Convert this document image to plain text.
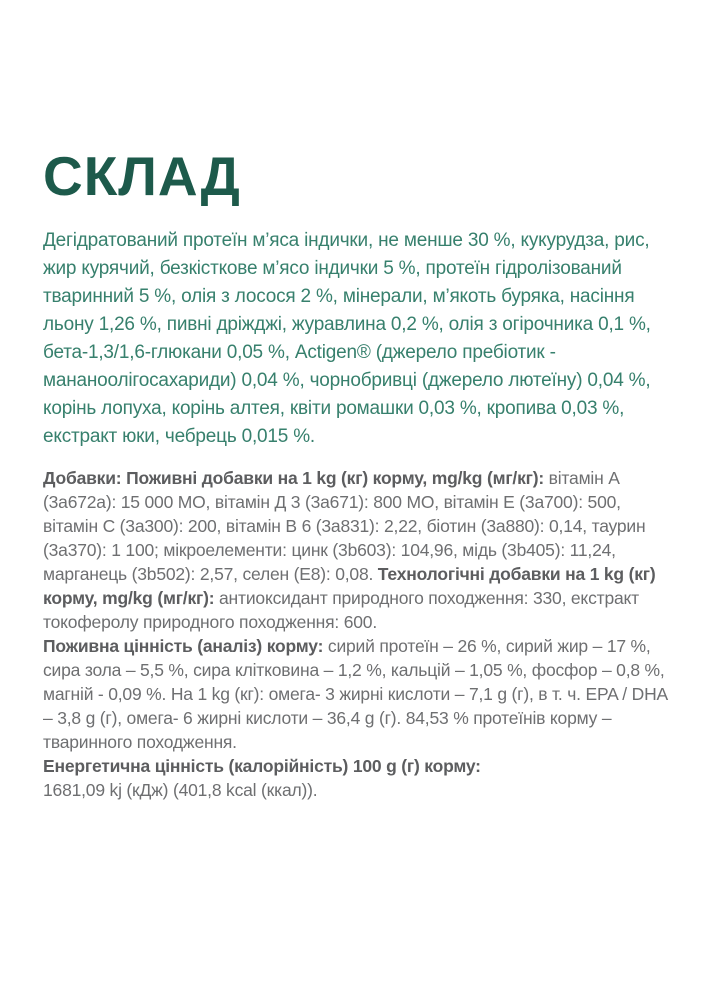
СКЛАД

Дегідратований протеїн м’яса індички, не менше 30 %, кукурудза, рис, жир курячий, безкісткове м’ясо індички 5 %, протеїн гідролізований тваринний 5 %, олія з лосося 2 %, мінерали, м’якоть буряка, насіння льону 1,26 %, пивні дріжджі, журавлина 0,2 %, олія з огірочника 0,1 %, бета-1,3/1,6-глюкани 0,05 %, Actigen® (джерело пребіотик - мананоолігосахариди) 0,04 %, чорнобривці (джерело лютеїну) 0,04 %, корінь лопуха, корінь алтея, квіти ромашки 0,03 %, кропива 0,03 %, екстракт юки, чебрець 0,015 %.

Добавки: Поживні добавки на 1 kg (кг) корму, mg/kg (мг/кг): вітамін А (3а672а): 15 000 МО, вітамін Д 3 (3а671): 800 МО, вітамін Е (3а700): 500, вітамін С (3а300): 200, вітамін В 6 (3а831): 2,22, біотин (3а880): 0,14, таурин (3а370): 1 100; мікроелементи: цинк (3b603): 104,96, мідь (3b405): 11,24, марганець (3b502): 2,57, селен (Е8): 0,08. Технологічні добавки на 1 kg (кг) корму, mg/kg (мг/кг): антиоксидант природного походження: 330, екстракт токоферолу природного походження: 600.

Поживна цінність (аналіз) корму: сирий протеїн – 26 %, сирий жир – 17 %, сира зола – 5,5 %, сира клітковина – 1,2 %, кальцій – 1,05 %, фосфор – 0,8 %, магній - 0,09 %. На 1 kg (кг): омега- 3 жирні кислоти – 7,1 g (г), в т. ч. EPA / DHA – 3,8 g (г), омега- 6 жирні кислоти – 36,4 g (г). 84,53 % протеїнів корму – тваринного походження.

Енергетична цінність (калорійність) 100 g (г) корму:
1681,09 kj (кДж) (401,8 kcal (ккал)).
